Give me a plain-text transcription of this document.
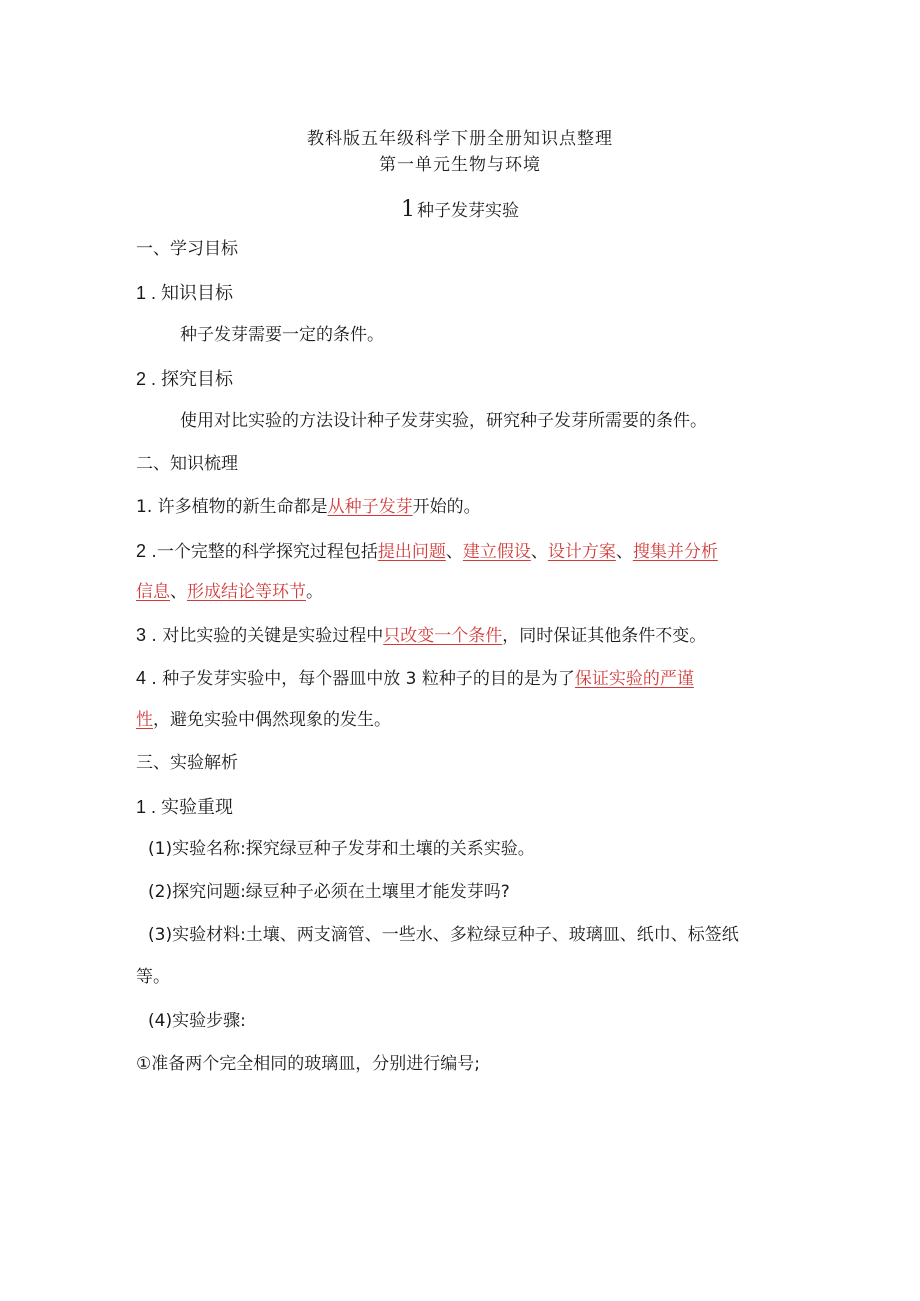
教科版五年级科学下册全册知识点整理
第一单元生物与环境
1 种子发芽实验
一、学习目标
1 . 知识目标
种子发芽需要一定的条件。
2 . 探究目标
使用对比实验的方法设计种子发芽实验，研究种子发芽所需要的条件。
二、知识梳理
1. 许多植物的新生命都是从种子发芽开始的。
2 .一个完整的科学探究过程包括提出问题、建立假设、设计方案、搜集并分析
信息、形成结论等环节。
3 . 对比实验的关键是实验过程中只改变一个条件，同时保证其他条件不变。
4 . 种子发芽实验中，每个器皿中放 3 粒种子的目的是为了保证实验的严谨
性，避免实验中偶然现象的发生。
三、实验解析
1 . 实验重现
(1)实验名称:探究绿豆种子发芽和土壤的关系实验。
(2)探究问题:绿豆种子必须在土壤里才能发芽吗?
(3)实验材料:土壤、两支滴管、一些水、多粒绿豆种子、玻璃皿、纸巾、标签纸
等。
(4)实验步骤:
①准备两个完全相同的玻璃皿，分别进行编号;
